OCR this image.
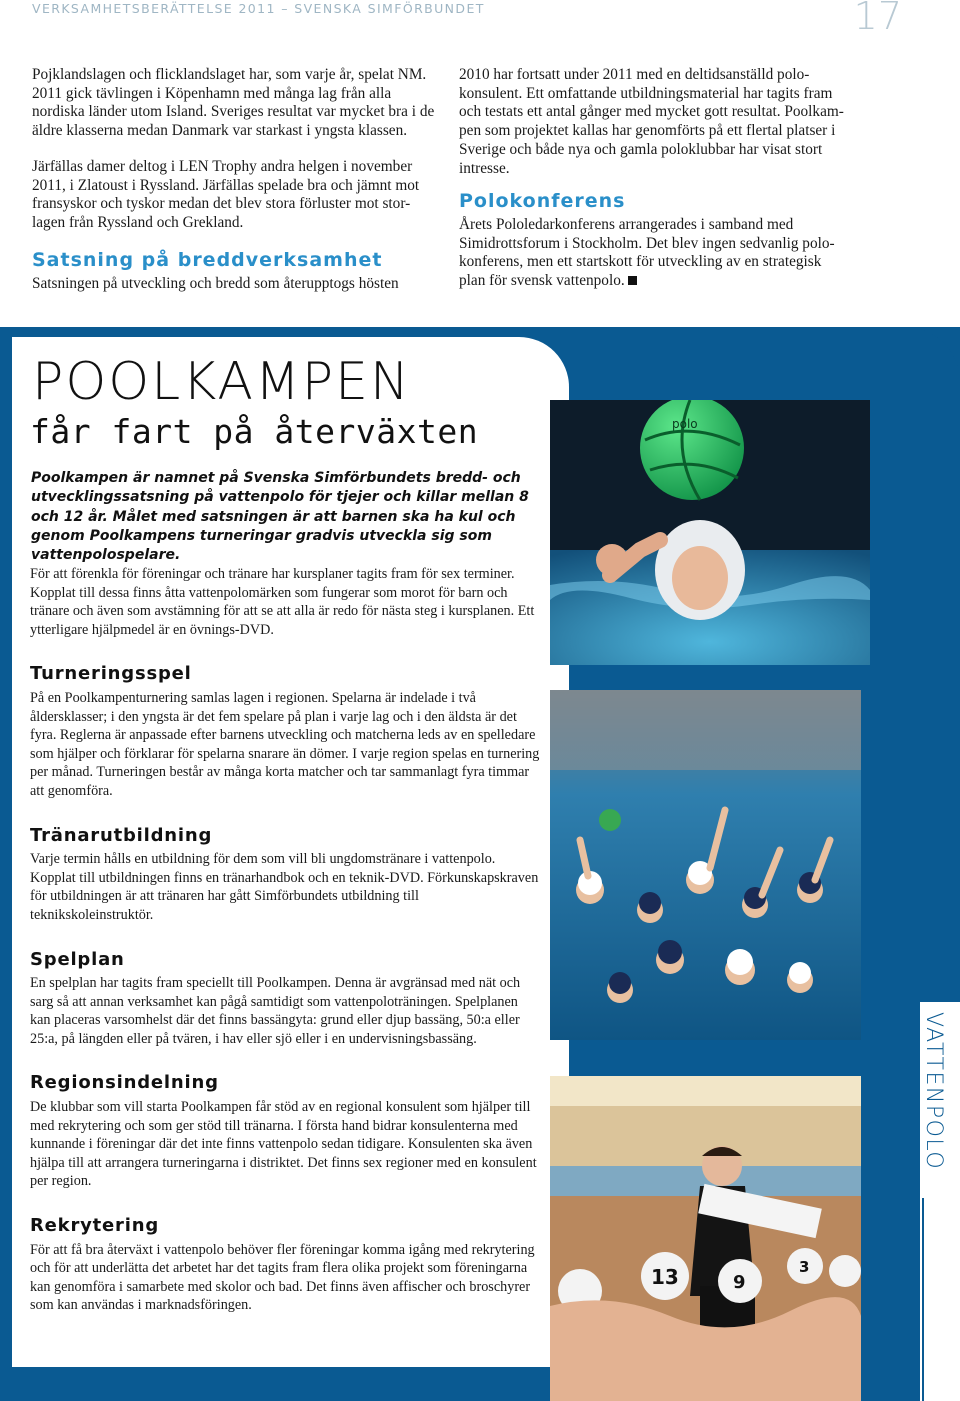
VERKSAMHETSBERÄTTELSE 2011 – SVENSKA SIMFÖRBUNDET	17

Pojklandslagen och flicklandslaget har, som varje år, spelat NM. 2011 gick tävlingen i Köpenhamn med många lag från alla nordiska länder utom Island. Sveriges resultat var mycket bra i de äldre klasserna medan Danmark var starkast i yngsta klassen.

Järfällas damer deltog i LEN Trophy andra helgen i november 2011, i Zlatoust i Ryssland. Järfällas spelade bra och jämnt mot fransyskor och tyskor medan det blev stora förluster mot stor-lagen från Ryssland och Grekland.

Satsning på breddverksamhet
Satsningen på utveckling och bredd som återupptogs hösten

2010 har fortsatt under 2011 med en deltidsanställd polo-konsulent. Ett omfattande utbildningsmaterial har tagits fram och testats ett antal gånger med mycket gott resultat. Poolkam-pen som projektet kallas har genomförts på ett flertal platser i Sverige och både nya och gamla poloklubbar har visat stort intresse.

Polokonferens
Årets Pololedarkonferens arrangerades i samband med Simidrottsforum i Stockholm. Det blev ingen sedvanlig polo-konferens, men ett startskott för utveckling av en strategisk plan för svensk vattenpolo.
polo
13	9
3
POOLKAMPEN
får fart på återväxten
Poolkampen är namnet på Svenska Simförbundets bredd- och utvecklingssatsning på vattenpolo för tjejer och killar mellan 8 och 12 år. Målet med satsningen är att barnen ska ha kul och genom Poolkampens turneringar gradvis utveckla sig som vattenpolospelare.
För att förenkla för föreningar och tränare har kursplaner tagits fram för sex terminer. Kopplat till dessa finns åtta vattenpolomärken som fungerar som morot för barn och tränare och även som avstämning för att se att alla är redo för nästa steg i kursplanen. Ett ytterligare hjälpmedel är en övnings-DVD.
Turneringsspel
På en Poolkampenturnering samlas lagen i regionen. Spelarna är indelade i två åldersklasser; i den yngsta är det fem spelare på plan i varje lag och i den äldsta är det fyra. Reglerna är anpassade efter barnens utveckling och matcherna leds av en spelledare som hjälper och förklarar för spelarna snarare än dömer. I varje region spelas en turnering per månad. Turneringen består av många korta matcher och tar sammanlagt fyra timmar att genomföra.
Tränarutbildning
Varje termin hålls en utbildning för dem som vill bli ungdomstränare i vattenpolo. Kopplat till utbildningen finns en tränarhandbok och en teknik-DVD. Förkunskapskraven för utbildningen är att tränaren har gått Simförbundets utbildning till teknikskoleinstruktör.
Spelplan
En spelplan har tagits fram speciellt till Poolkampen. Denna är avgränsad med nät och sarg så att annan verksamhet kan pågå samtidigt som vattenpoloträningen. Spelplanen kan placeras varsomhelst där det finns bassängyta: grund eller djup bassäng, 50:a eller 25:a, på längden eller på tvären, i hav eller sjö eller i en undervisningsbassäng.
Regionsindelning
De klubbar som vill starta Poolkampen får stöd av en regional konsulent som hjälper till med rekrytering och som ger stöd till tränarna. I första hand bidrar konsulenterna med kunnande i föreningar där det inte finns vattenpolo sedan tidigare. Konsulenten ska även hjälpa till att arrangera turneringarna i distriktet. Det finns sex regioner med en konsulent per region.
Rekrytering
För att få bra återväxt i vattenpolo behöver fler föreningar komma igång med rekrytering och för att underlätta det arbetet har det tagits fram flera olika projekt som föreningarna kan genomföra i samarbete med skolor och bad. Det finns även affischer och broschyrer som kan användas i marknadsföringen.
VATTENPOLO
